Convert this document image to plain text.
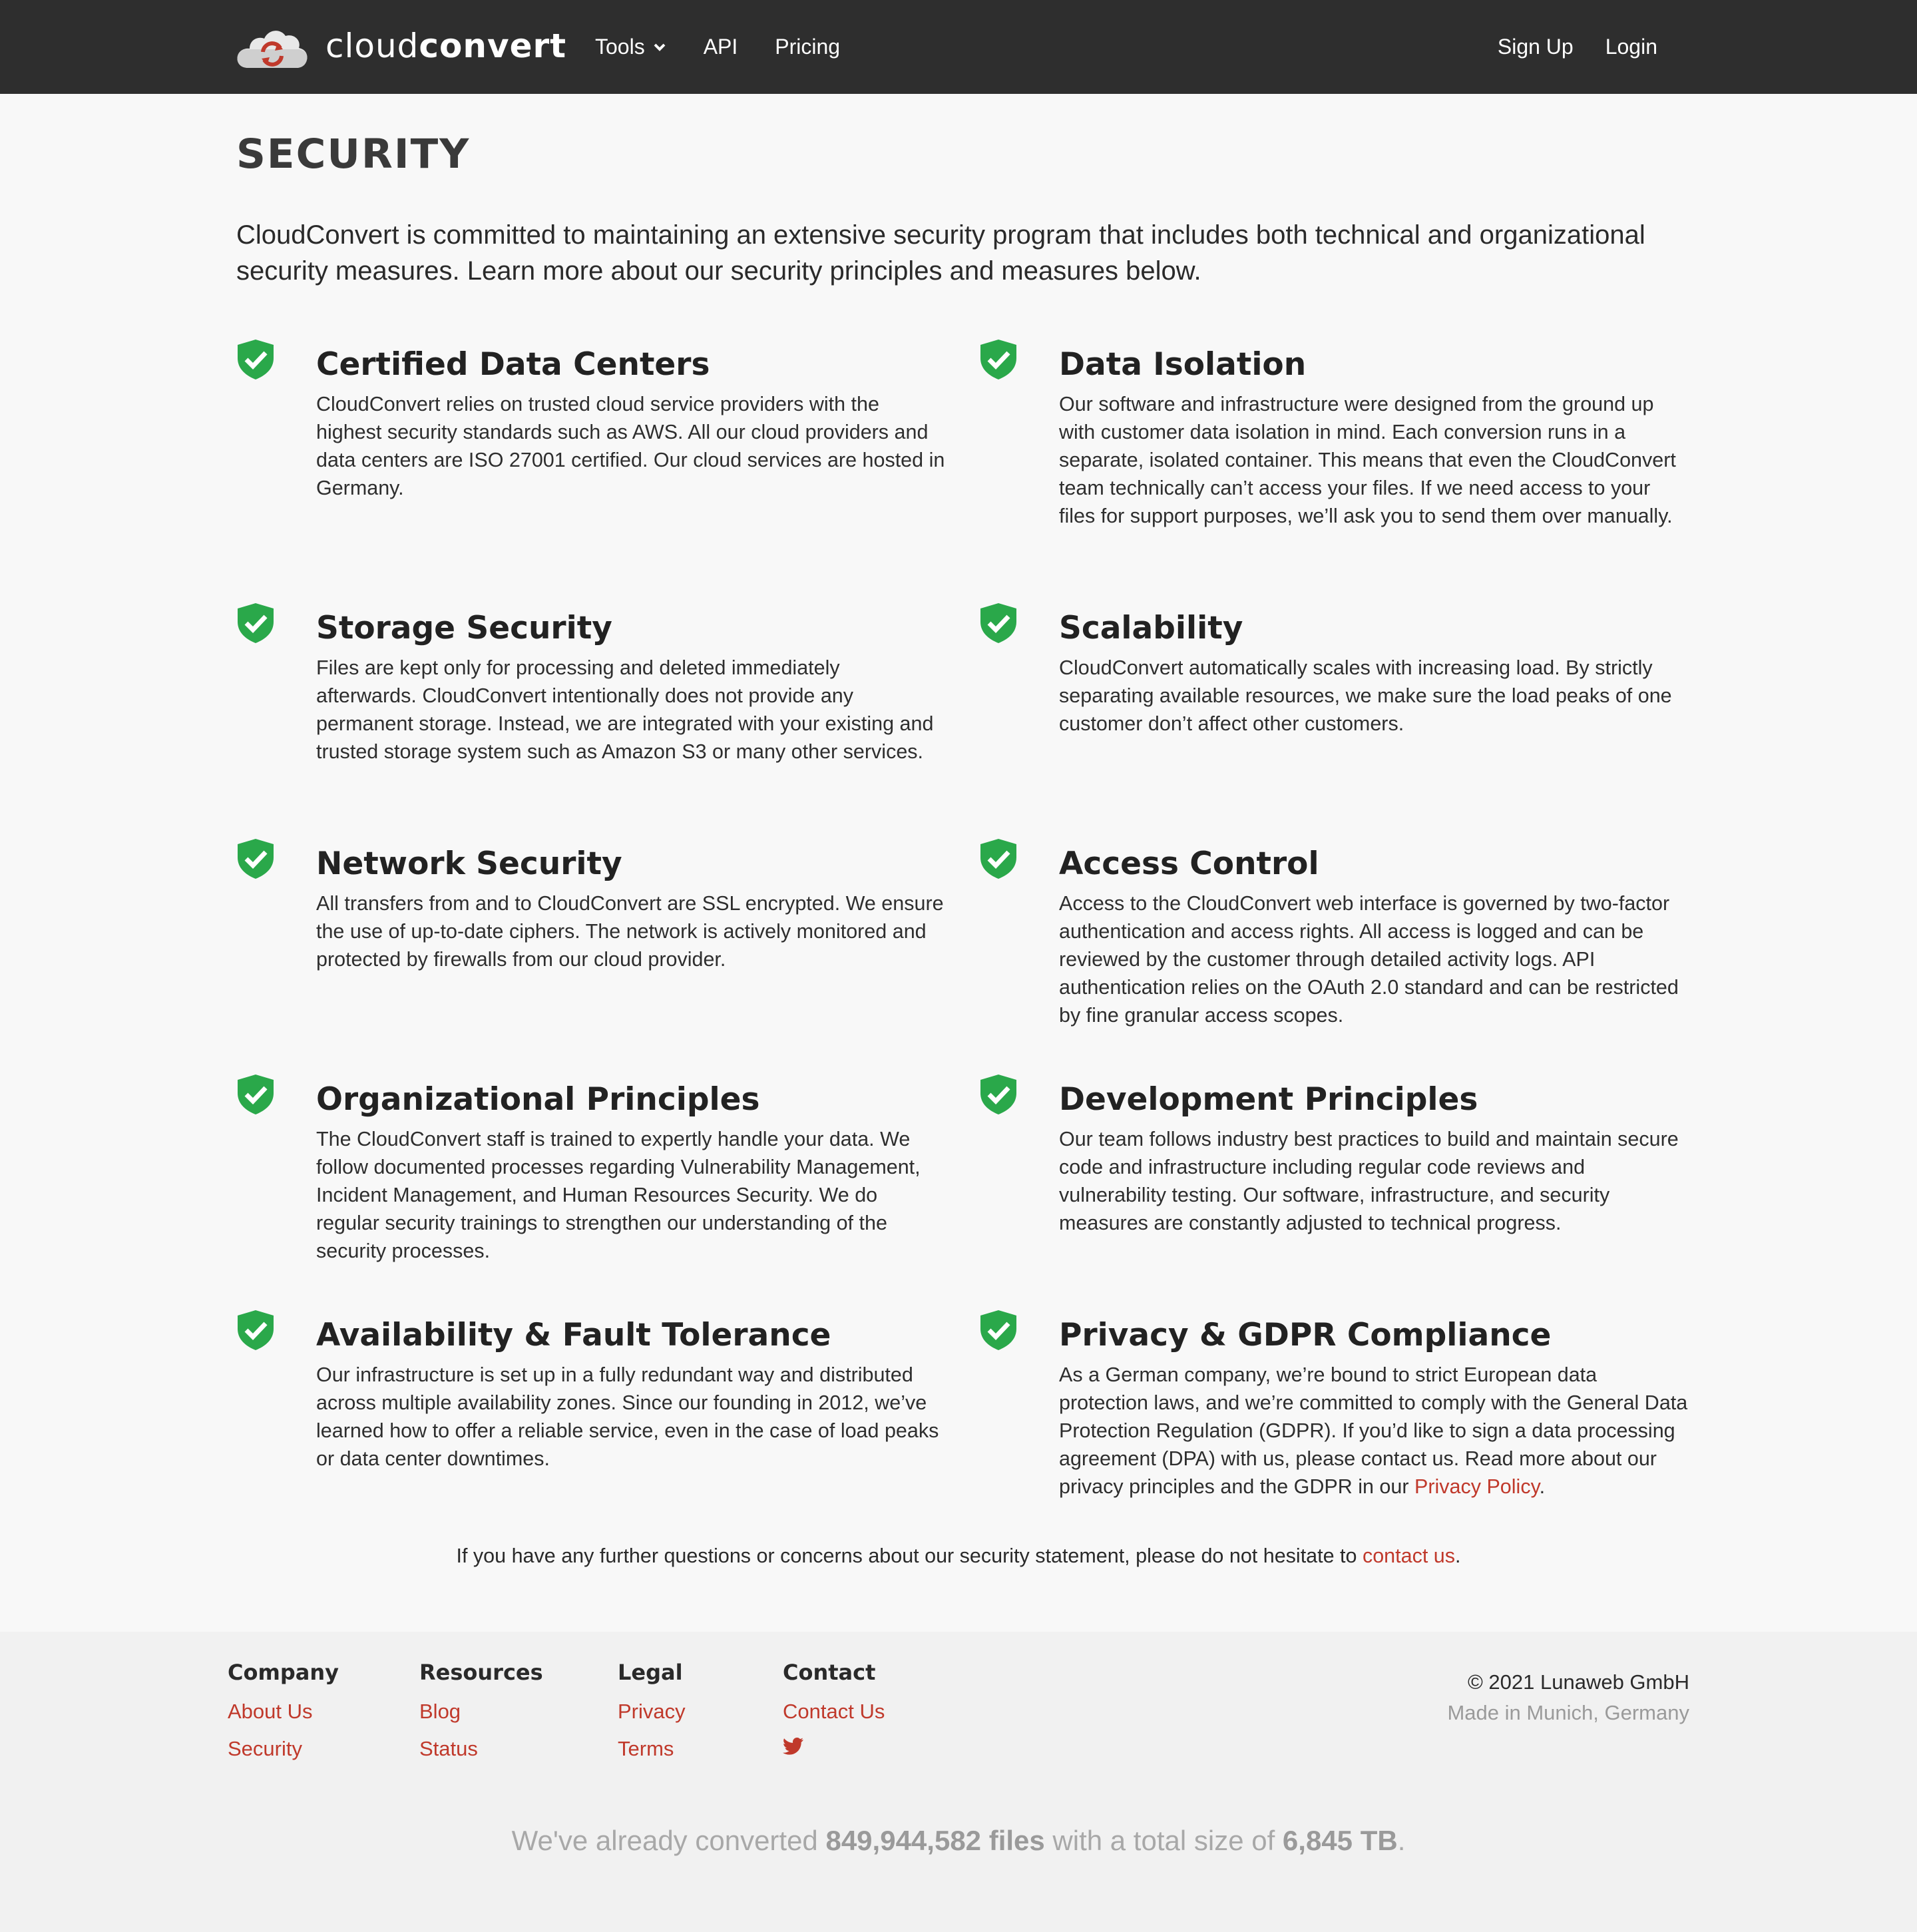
cloudconvert Tools	API Pricing	Sign Up Login
SECURITY

CloudConvert is committed to maintaining an extensive security program that includes both technical and organizational security measures. Learn more about our security principles and measures below.

Certified Data Centers

CloudConvert relies on trusted cloud service providers with the highest security standards such as AWS. All our cloud providers and data centers are ISO 27001 certified. Our cloud services are hosted in Germany.

Data Isolation

Our software and infrastructure were designed from the ground up with customer data isolation in mind. Each conversion runs in a separate, isolated container. This means that even the CloudConvert team technically can’t access your files. If we need access to your files for support purposes, we’ll ask you to send them over manually.

Storage Security

Files are kept only for processing and deleted immediately afterwards. CloudConvert intentionally does not provide any permanent storage. Instead, we are integrated with your existing and trusted storage system such as Amazon S3 or many other services.

Scalability

CloudConvert automatically scales with increasing load. By strictly separating available resources, we make sure the load peaks of one customer don’t affect other customers.

Network Security

All transfers from and to CloudConvert are SSL encrypted. We ensure the use of up-to-date ciphers. The network is actively monitored and protected by firewalls from our cloud provider.

Access Control

Access to the CloudConvert web interface is governed by two-factor authentication and access rights. All access is logged and can be reviewed by the customer through detailed activity logs. API authentication relies on the OAuth 2.0 standard and can be restricted by fine granular access scopes.

Organizational Principles

The CloudConvert staff is trained to expertly handle your data. We follow documented processes regarding Vulnerability Management, Incident Management, and Human Resources Security. We do regular security trainings to strengthen our understanding of the security processes.

Development Principles

Our team follows industry best practices to build and maintain secure code and infrastructure including regular code reviews and vulnerability testing. Our software, infrastructure, and security measures are constantly adjusted to technical progress.

Availability & Fault Tolerance

Our infrastructure is set up in a fully redundant way and distributed across multiple availability zones. Since our founding in 2012, we’ve learned how to offer a reliable service, even in the case of load peaks or data center downtimes.

Privacy & GDPR Compliance

As a German company, we’re bound to strict European data protection laws, and we’re committed to comply with the General Data Protection Regulation (GDPR). If you’d like to sign a data processing agreement (DPA) with us, please contact us. Read more about our privacy principles and the GDPR in our Privacy Policy.

If you have any further questions or concerns about our security statement, please do not hesitate to contact us.

Company
About Us
Security
Resources
Blog
Status
Legal
Privacy
Terms
Contact
Contact Us
© 2021 Lunaweb GmbH
Made in Munich, Germany
We've already converted 849,944,582 files with a total size of 6,845 TB.
